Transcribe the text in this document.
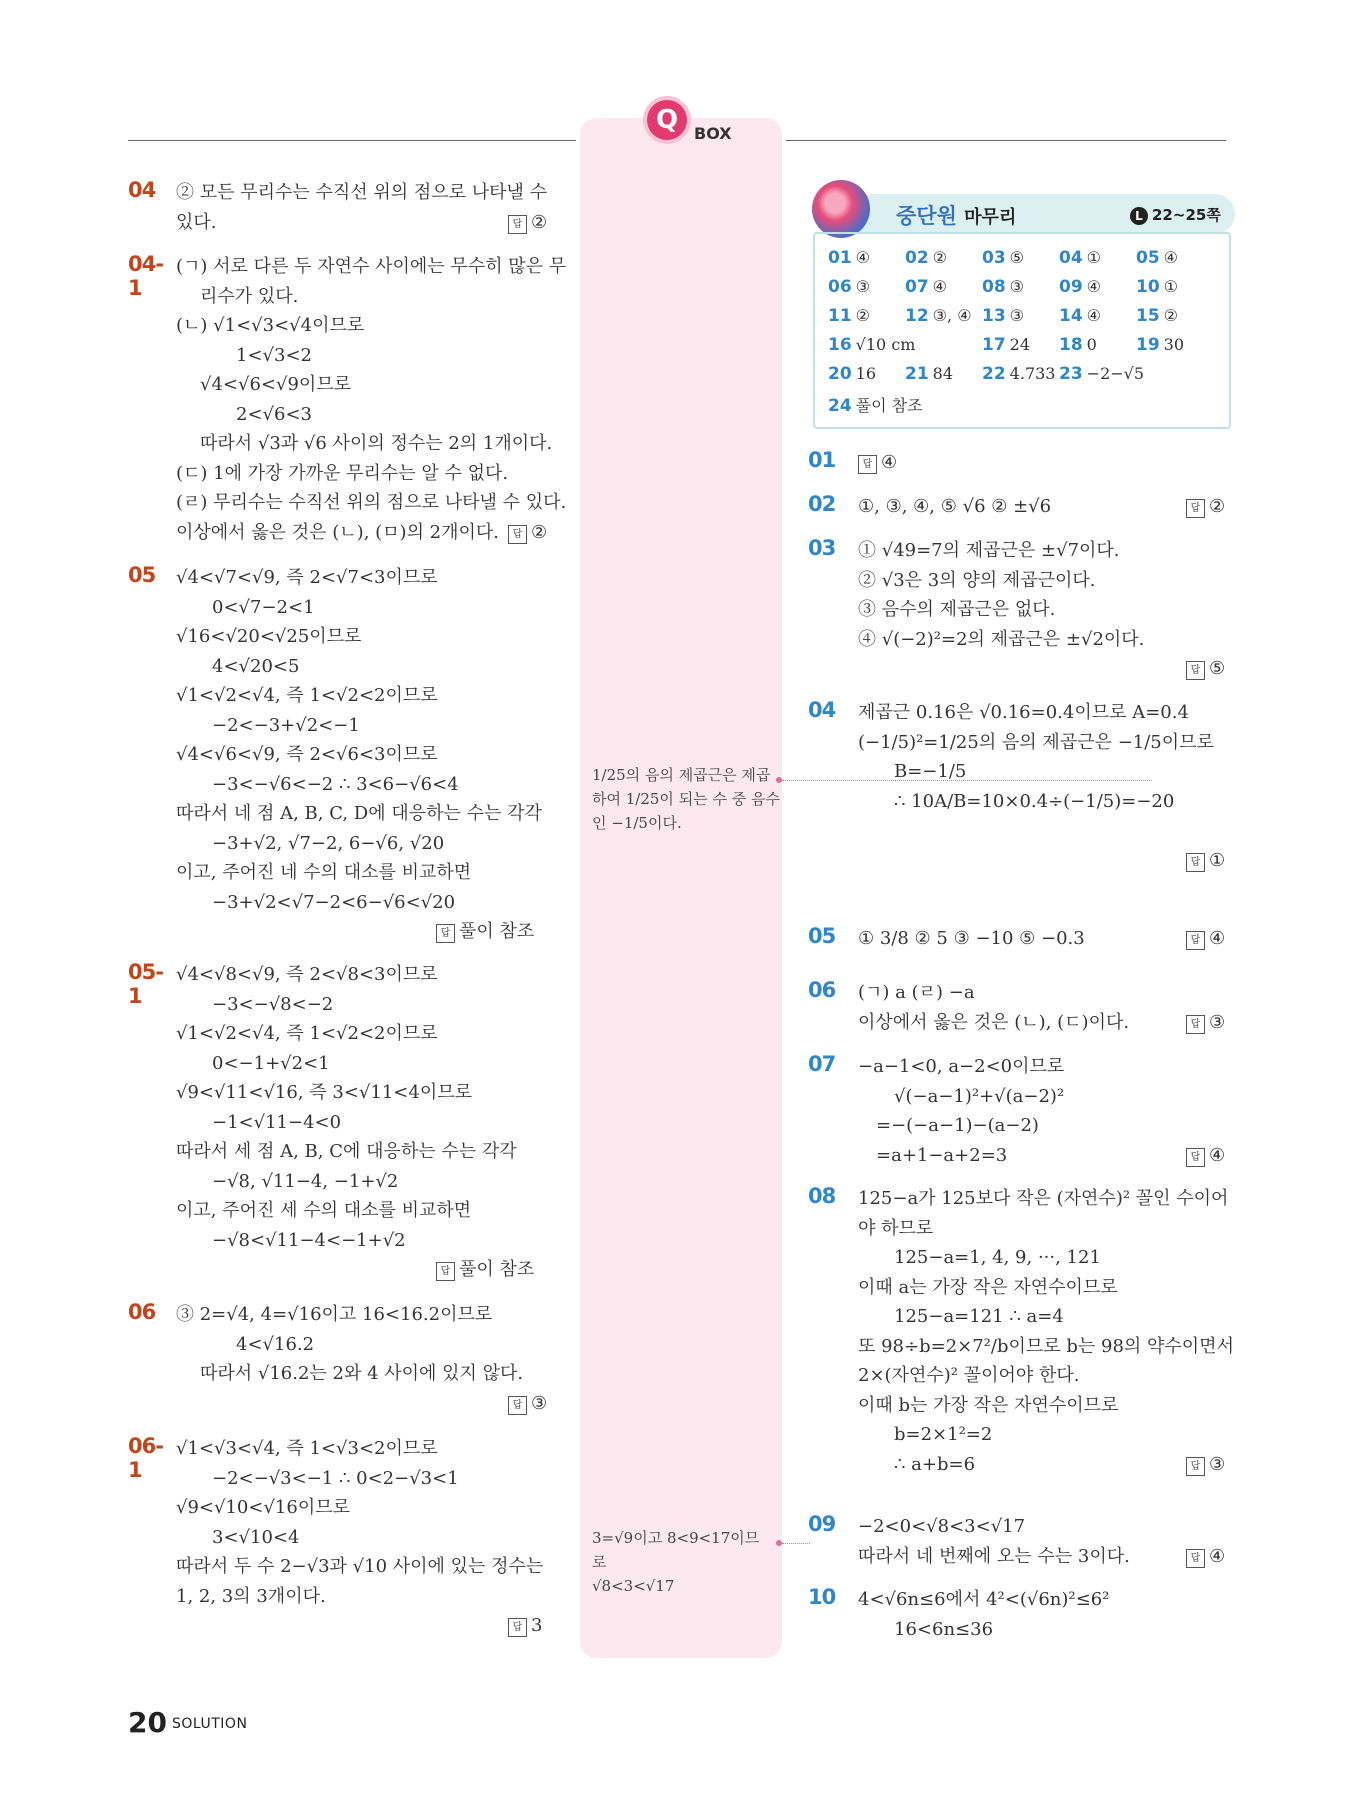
Q BOX
04 ② 모든 무리수는 수직선 위의 점으로 나타낼 수
있다.	답 ②
04-1
(ㄱ) 서로 다른 두 자연수 사이에는 무수히 많은 무
리수가 있다.
(ㄴ) √1<√3<√4이므로
1<√3<2
√4<√6<√9이므로
2<√6<3
따라서 √3과 √6 사이의 정수는 2의 1개이다.
(ㄷ) 1에 가장 가까운 무리수는 알 수 없다.
(ㄹ) 무리수는 수직선 위의 점으로 나타낼 수 있다.
이상에서 옳은 것은 (ㄴ), (ㅁ)의 2개이다.	답 ②
05 √4<√7<√9, 즉 2<√7<3이므로
0<√7−2<1
√16<√20<√25이므로
4<√20<5
√1<√2<√4, 즉 1<√2<2이므로
−2<−3+√2<−1
√4<√6<√9, 즉 2<√6<3이므로
−3<−√6<−2 ∴ 3<6−√6<4
따라서 네 점 A, B, C, D에 대응하는 수는 각각
−3+√2, √7−2, 6−√6, √20
이고, 주어진 네 수의 대소를 비교하면
−3+√2<√7−2<6−√6<√20
답 풀이 참조
05-1
√4<√8<√9, 즉 2<√8<3이므로
−3<−√8<−2
√1<√2<√4, 즉 1<√2<2이므로
0<−1+√2<1
√9<√11<√16, 즉 3<√11<4이므로
−1<√11−4<0
따라서 세 점 A, B, C에 대응하는 수는 각각
−√8, √11−4, −1+√2
이고, 주어진 세 수의 대소를 비교하면
−√8<√11−4<−1+√2
답 풀이 참조
06 ③ 2=√4, 4=√16이고 16<16.2이므로
4<√16.2
따라서 √16.2는 2와 4 사이에 있지 않다.
답 ③
06-1
√1<√3<√4, 즉 1<√3<2이므로
−2<−√3<−1 ∴ 0<2−√3<1
√9<√10<√16이므로
3<√10<4
따라서 두 수 2−√3과 √10 사이에 있는 정수는
1, 2, 3의 3개이다.
답 3
1/25의 음의 제곱근은 제곱
하여 1/25이 되는 수 중 음수
인 −1/5이다.
3=√9이고 8<9<17이므
로
√8<3<√17
중단원 마무리	L 22~25쪽
01 ④ 02 ② 03 ⑤ 04 ① 05 ④
06 ③ 07 ④ 08 ③ 09 ④ 10 ①
11 ② 12 ③, ④ 13 ③ 14 ④ 15 ②
16 √10 cm	17 24 18 0 19 30
20 16 21 84 22 4.733 23 −2−√5
24 풀이 참조
01	답 ④
02 ①, ③, ④, ⑤ √6 ② ±√6	②
03 ① √49=7의 제곱근은 ±√7이다.
② √3은 3의 양의 제곱근이다.
③ 음수의 제곱근은 없다.
④ √(−2)²=2의 제곱근은 ±√2이다.
⑤
04 제곱근 0.16은 √0.16=0.4이므로 A=0.4
(−1/5)²=1/25의 음의 제곱근은 −1/5이므로
B=−1/5
∴ 10A/B=10×0.4÷(−1/5)=−20
①
05 ① 3/8 ② 5 ③ −10 ⑤ −0.3	④
06 (ㄱ) a (ㄹ) −a
이상에서 옳은 것은 (ㄴ), (ㄷ)이다.	③
07 −a−1<0, a−2<0이므로
√(−a−1)²+√(a−2)²
=−(−a−1)−(a−2)
=a+1−a+2=3	④
08 125−a가 125보다 작은 (자연수)² 꼴인 수이어
야 하므로
125−a=1, 4, 9, ···, 121
이때 a는 가장 작은 자연수이므로
125−a=121 ∴ a=4
또 98÷b=2×7²/b이므로 b는 98의 약수이면서
2×(자연수)² 꼴이어야 한다.
이때 b는 가장 작은 자연수이므로
b=2×1²=2
∴ a+b=6	③
09 −2<0<√8<3<√17
따라서 네 번째에 오는 수는 3이다.	④
10 4<√6n≤6에서 4²<(√6n)²≤6²
16<6n≤36
20 SOLUTION
